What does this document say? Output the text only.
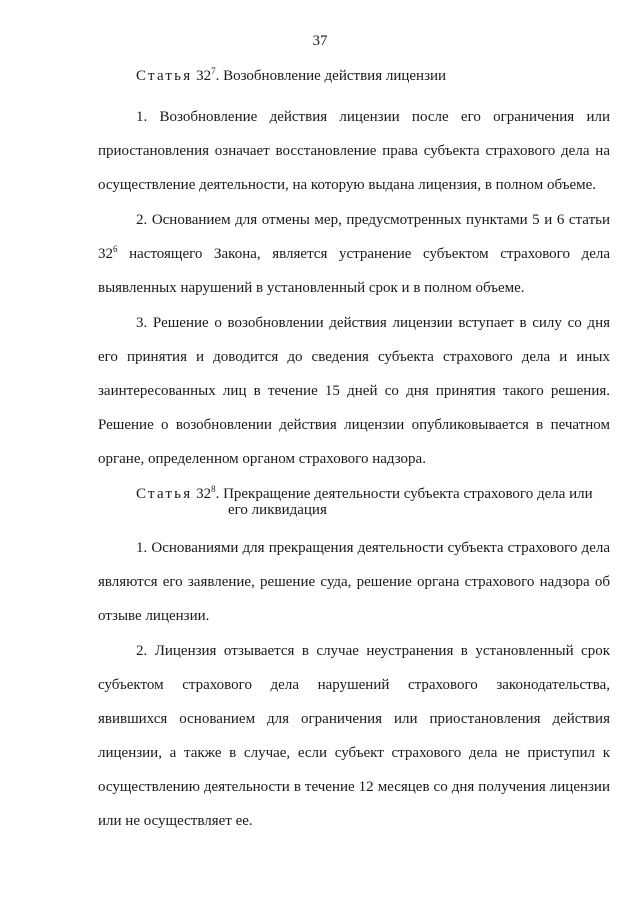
37
Статья $32^7$. Возобновление действия лицензии
1. Возобновление действия лицензии после его ограничения или
приостановления означает восстановление права субъекта страхового дела на
осуществление деятельности, на которую выдана лицензия, в полном объеме.
2. Основанием для отмены мер, предусмотренных пунктами 5 и 6 статьи
$32^6$ настоящего Закона, является устранение субъектом страхового дела
выявленных нарушений в установленный срок и в полном объеме.
3. Решение о возобновлении действия лицензии вступает в силу со дня
его принятия и доводится до сведения субъекта страхового дела и иных
заинтересованных лиц в течение 15 дней со дня принятия такого решения.
Решение о возобновлении действия лицензии опубликовывается в печатном
органе, определенном органом страхового надзора.
Статья $32^8$. Прекращение деятельности субъекта страхового дела или
его ликвидация
1. Основаниями для прекращения деятельности субъекта страхового дела
являются его заявление, решение суда, решение органа страхового надзора об
отзыве лицензии.
2. Лицензия отзывается в случае неустранения в установленный срок
субъектом страхового дела нарушений страхового законодательства,
явившихся основанием для ограничения или приостановления действия
лицензии, а также в случае, если субъект страхового дела не приступил к
осуществлению деятельности в течение 12 месяцев со дня получения лицензии
или не осуществляет ее.
